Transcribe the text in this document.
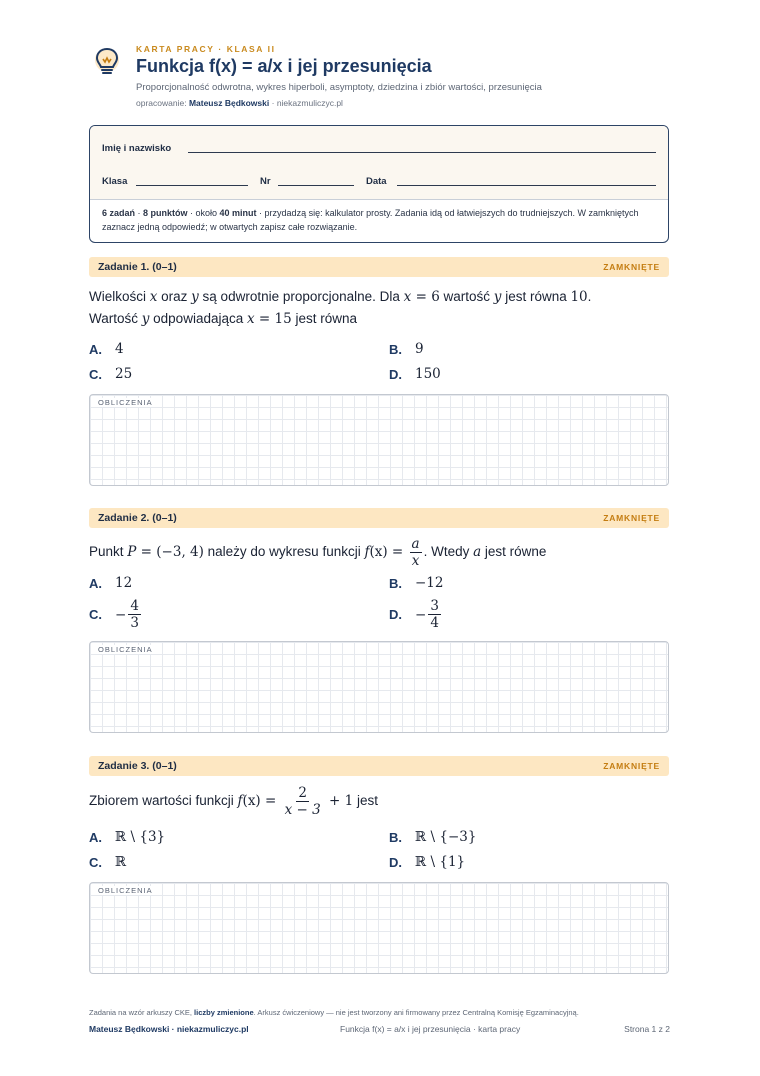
KARTA PRACY · KLASA II
Funkcja f(x) = a/x i jej przesunięcia
Proporcjonalność odwrotna, wykres hiperboli, asymptoty, dziedzina i zbiór wartości, przesunięcia
opracowanie: Mateusz Będkowski · niekazmuliczyc.pl
Imię i nazwisko
Klasa	Nr	Data
6 zadań · 8 punktów · około 40 minut · przydadzą się: kalkulator prosty. Zadania idą od łatwiejszych do trudniejszych. W zamkniętych zaznacz jedną odpowiedź; w otwartych zapisz całe rozwiązanie.
Zadanie 1. (0–1)	ZAMKNIĘTE
Wielkości x oraz y są odwrotnie proporcjonalne. Dla x = 6 wartość y jest równa 10.
Wartość y odpowiadająca x = 15 jest równa
A. 4	B. 9
C. 25	D. 150
OBLICZENIA
Zadanie 2. (0–1)	ZAMKNIĘTE
Punkt
P = (−3, 4) należy do wykresu funkcji f $(x) = \frac{a}{x}$ . Wtedy a jest równe
A. 12	B. −12
C. − $\frac{4}{3}$	D. − $\frac{3}{4}$
OBLICZENIA
Zadanie 3. (0–1)	ZAMKNIĘTE
Zbiorem wartości funkcji f $(x) = \frac{2}{x - 3} + 1$ jest
A. ℝ \ {3}	B. ℝ \ {−3}
C. ℝ	D. ℝ \ {1}
OBLICZENIA
Zadania na wzór arkuszy CKE, liczby zmienione. Arkusz ćwiczeniowy — nie jest tworzony ani firmowany przez Centralną Komisję Egzaminacyjną.
Mateusz Będkowski · niekazmuliczyc.pl	Funkcja f(x) = a/x i jej przesunięcia · karta pracy	Strona 1 z 2
